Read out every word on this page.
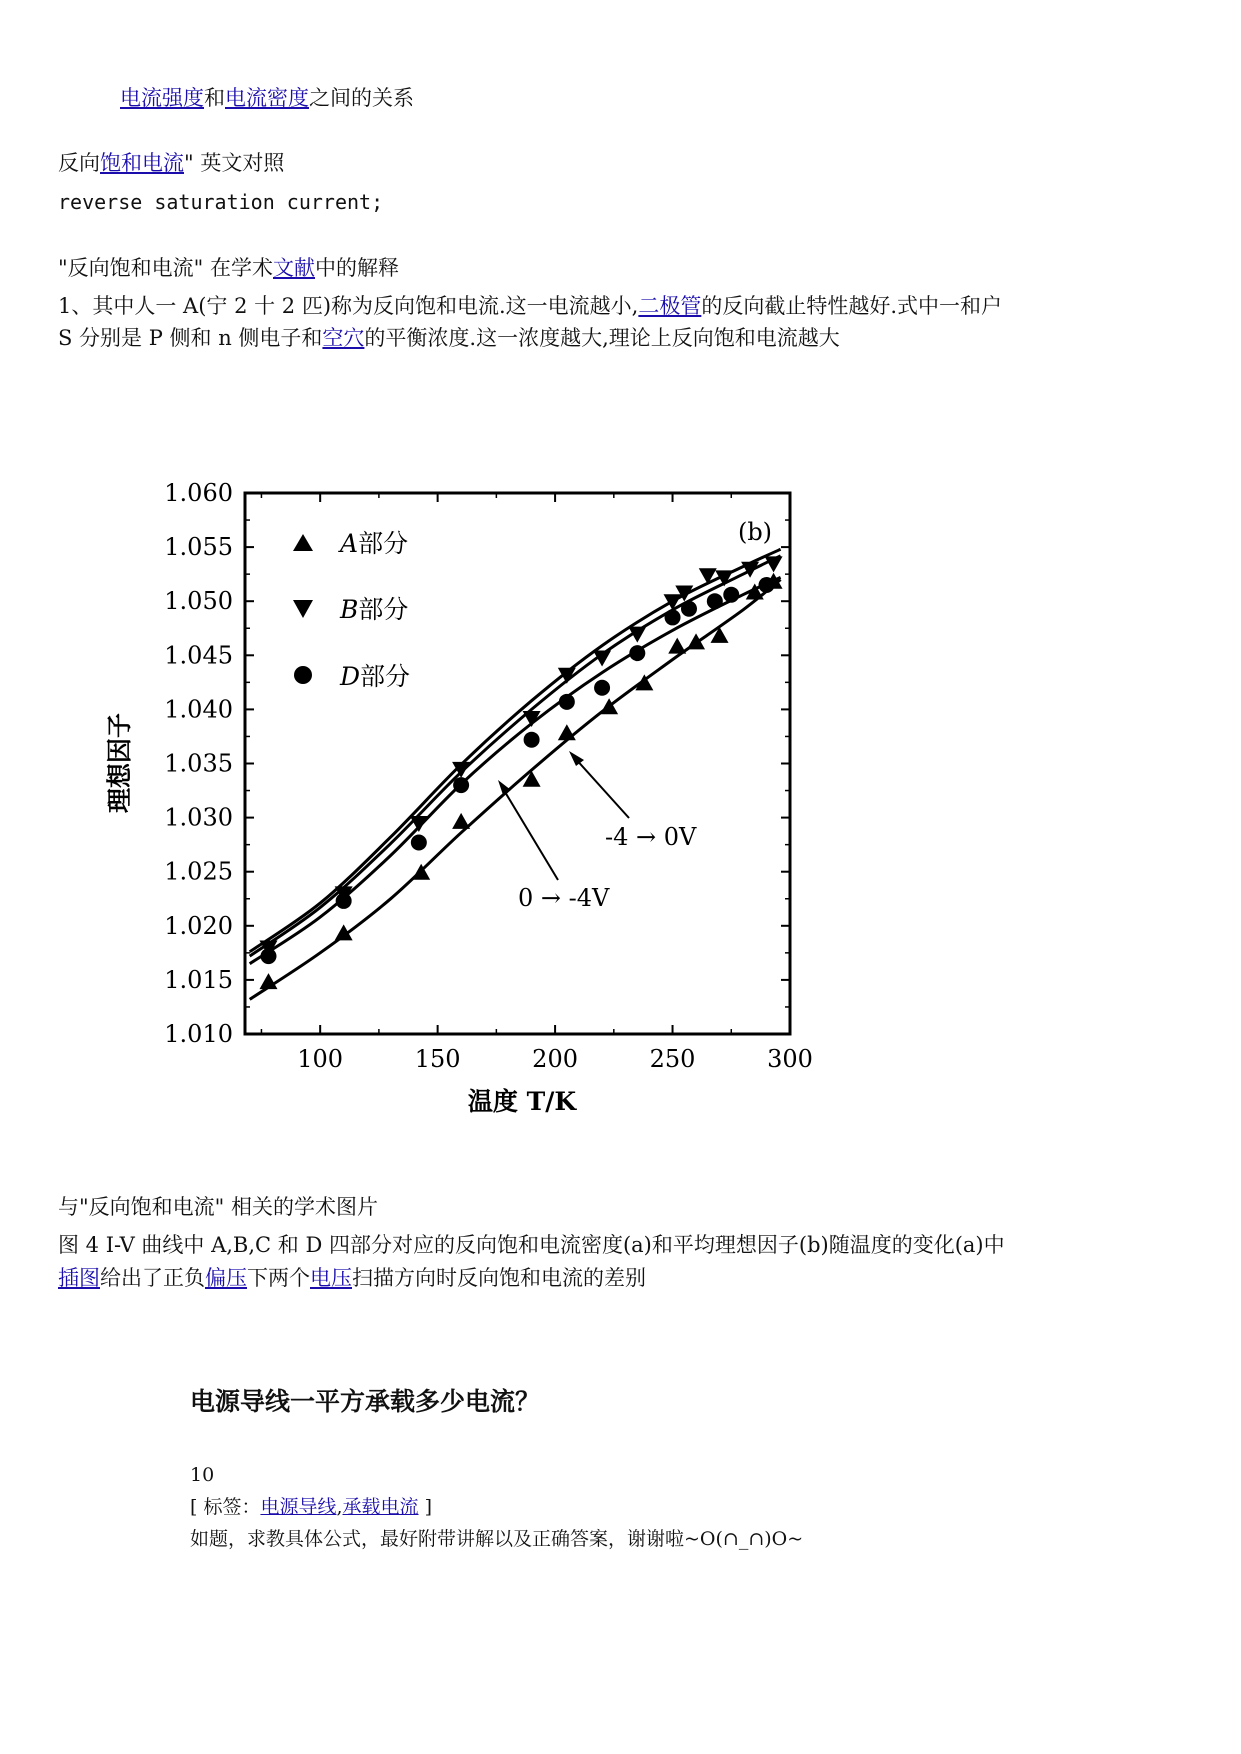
电流强度和电流密度之间的关系
反向饱和电流" 英文对照
reverse saturation current;
"反向饱和电流" 在学术文献中的解释
1、其中人一 A(宁 2 十 2 匹)称为反向饱和电流.这一电流越小,二极管的反向截止特性越好.式中一和户
S 分别是 P 侧和 n 侧电子和空穴的平衡浓度.这一浓度越大,理论上反向饱和电流越大
1.060
1.055
1.050
1.045
1.040
1.035
1.030
1.025
1.020
1.015
1.010
100	150	200	250	300
(b)
A部分
B部分
D部分
-4 → 0V
0 → -4V
温度 T/K
理想因子
与"反向饱和电流" 相关的学术图片
图 4 I-V 曲线中 A,B,C 和 D 四部分对应的反向饱和电流密度(a)和平均理想因子(b)随温度的变化(a)中
插图给出了正负偏压下两个电压扫描方向时反向饱和电流的差别
电源导线一平方承载多少电流？
10
[ 标签：电源导线,承载电流 ]
如题，求教具体公式，最好附带讲解以及正确答案，谢谢啦~O(∩_∩)O~
